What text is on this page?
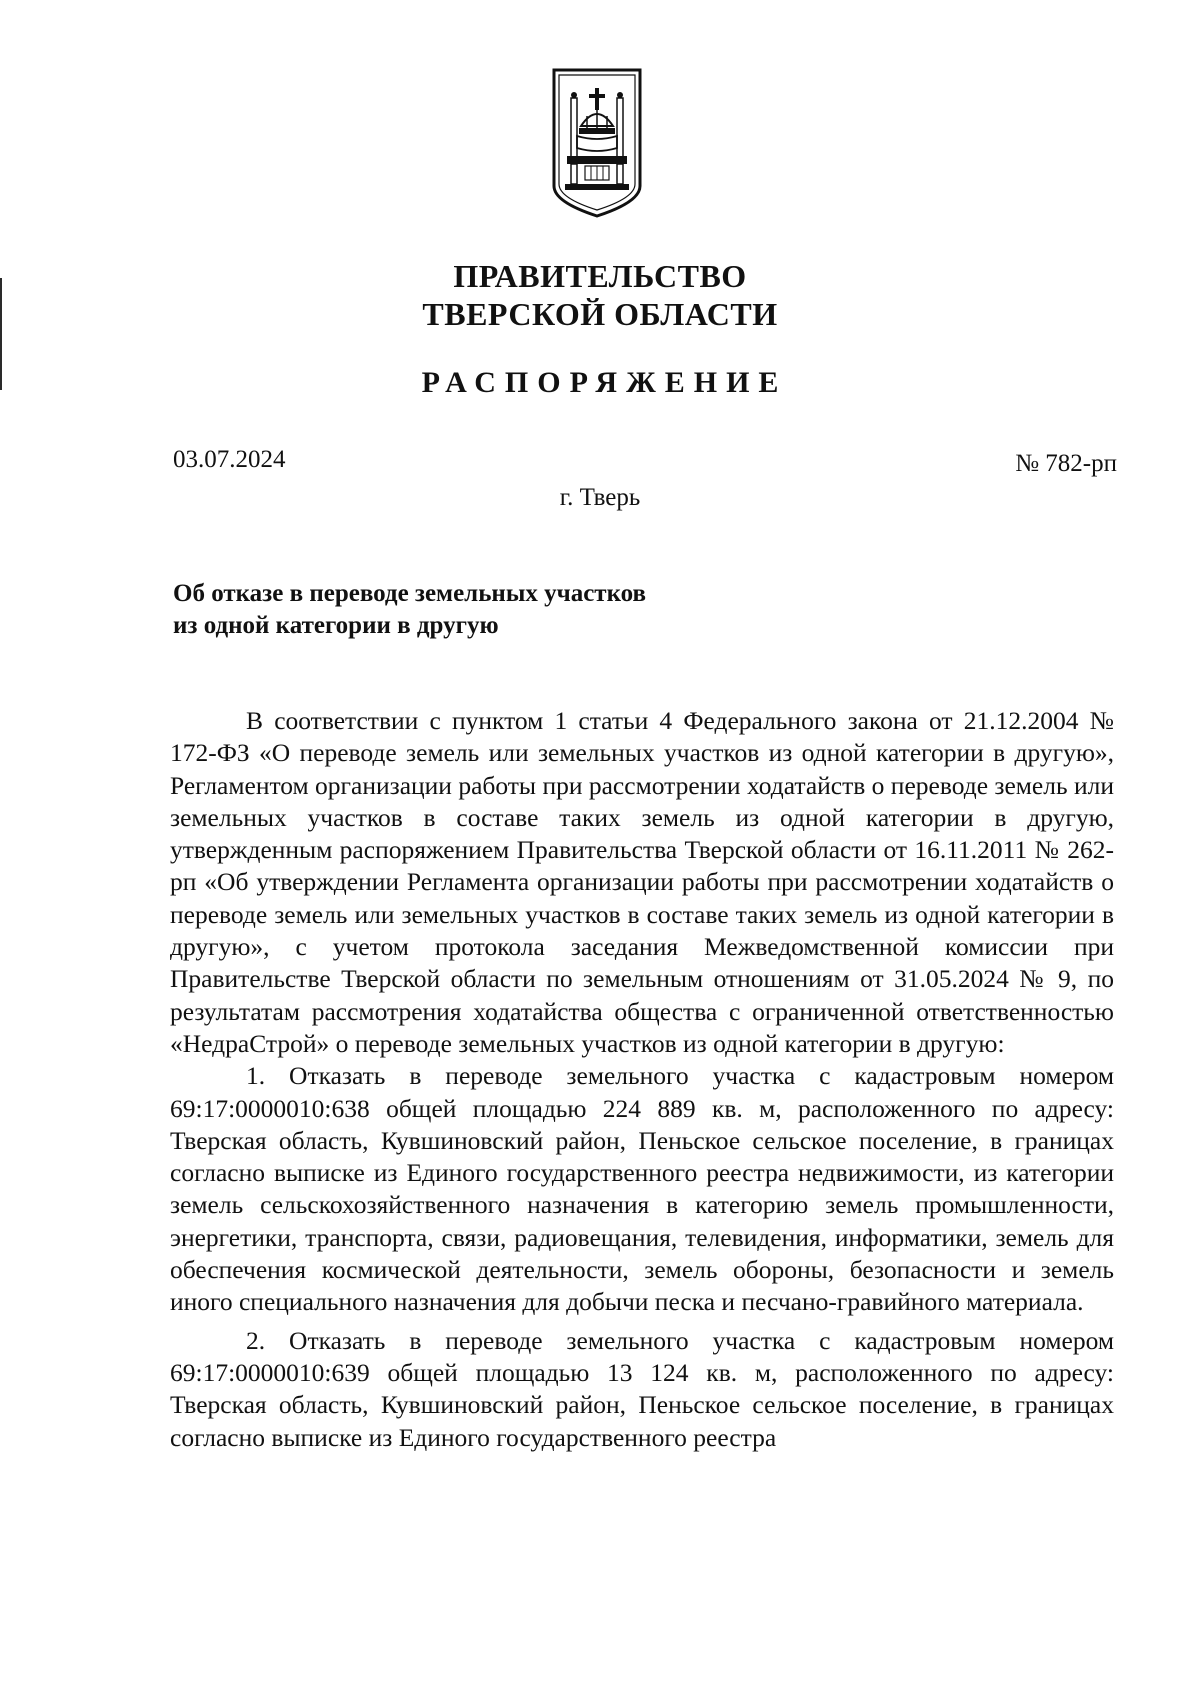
ПРАВИТЕЛЬСТВО
ТВЕРСКОЙ ОБЛАСТИ
РАСПОРЯЖЕНИЕ
03.07.2024	№ 782-рп
г. Тверь
Об отказе в переводе земельных участков
из одной категории в другую

В соответствии с пунктом 1 статьи 4 Федерального закона от 21.12.2004 № 172-ФЗ «О переводе земель или земельных участков из одной категории в другую», Регламентом организации работы при рассмотрении ходатайств о переводе земель или земельных участков в составе таких земель из одной категории в другую, утвержденным распоряжением Правительства Тверской области от 16.11.2011 № 262-рп «Об утверждении Регламента организации работы при рассмотрении ходатайств о переводе земель или земельных участков в составе таких земель из одной категории в другую», с учетом протокола заседания Межведомственной комиссии при Правительстве Тверской области по земельным отношениям от 31.05.2024 № 9, по результатам рассмотрения ходатайства общества с ограниченной ответственностью «НедраСтрой» о переводе земельных участков из одной категории в другую:

1. Отказать в переводе земельного участка с кадастровым номером 69:17:0000010:638 общей площадью 224 889 кв. м, расположенного по адресу: Тверская область, Кувшиновский район, Пеньское сельское поселение, в границах согласно выписке из Единого государственного реестра недвижимости, из категории земель сельскохозяйственного назначения в категорию земель промышленности, энергетики, транспорта, связи, радиовещания, телевидения, информатики, земель для обеспечения космической деятельности, земель обороны, безопасности и земель иного специального назначения для добычи песка и песчано-гравийного материала.

2. Отказать в переводе земельного участка с кадастровым номером 69:17:0000010:639 общей площадью 13 124 кв. м, расположенного по адресу: Тверская область, Кувшиновский район, Пеньское сельское поселение, в границах согласно выписке из Единого государственного реестра
